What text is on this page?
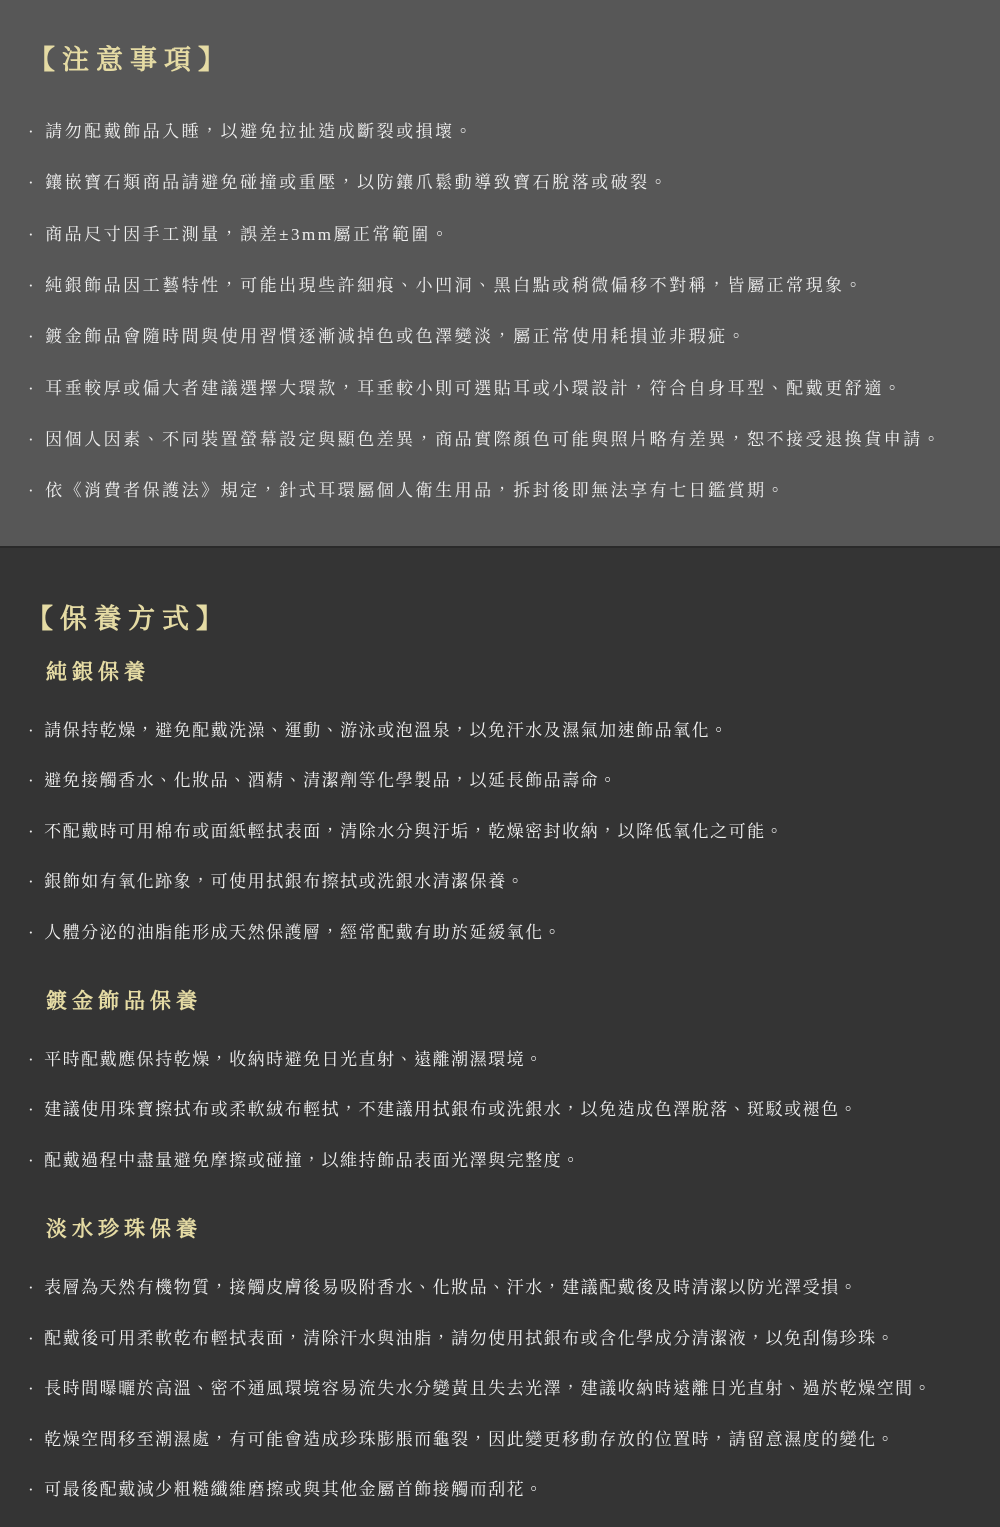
【注意事項】

· 請勿配戴飾品入睡，以避免拉扯造成斷裂或損壞。

· 鑲嵌寶石類商品請避免碰撞或重壓，以防鑲爪鬆動導致寶石脫落或破裂。

· 商品尺寸因手工測量，誤差±3mm屬正常範圍。

· 純銀飾品因工藝特性，可能出現些許細痕、小凹洞、黑白點或稍微偏移不對稱，皆屬正常現象。

· 鍍金飾品會隨時間與使用習慣逐漸減掉色或色澤變淡，屬正常使用耗損並非瑕疵。

· 耳垂較厚或偏大者建議選擇大環款，耳垂較小則可選貼耳或小環設計，符合自身耳型、配戴更舒適。

· 因個人因素、不同裝置螢幕設定與顯色差異，商品實際顏色可能與照片略有差異，恕不接受退換貨申請。

· 依《消費者保護法》規定，針式耳環屬個人衛生用品，拆封後即無法享有七日鑑賞期。

【保養方式】
純銀保養

· 請保持乾燥，避免配戴洗澡、運動、游泳或泡溫泉，以免汗水及濕氣加速飾品氧化。

· 避免接觸香水、化妝品、酒精、清潔劑等化學製品，以延長飾品壽命。

· 不配戴時可用棉布或面紙輕拭表面，清除水分與汙垢，乾燥密封收納，以降低氧化之可能。

· 銀飾如有氧化跡象，可使用拭銀布擦拭或洗銀水清潔保養。

· 人體分泌的油脂能形成天然保護層，經常配戴有助於延緩氧化。

鍍金飾品保養

· 平時配戴應保持乾燥，收納時避免日光直射、遠離潮濕環境。

· 建議使用珠寶擦拭布或柔軟絨布輕拭，不建議用拭銀布或洗銀水，以免造成色澤脫落、斑駁或褪色。

· 配戴過程中盡量避免摩擦或碰撞，以維持飾品表面光澤與完整度。

淡水珍珠保養

· 表層為天然有機物質，接觸皮膚後易吸附香水、化妝品、汗水，建議配戴後及時清潔以防光澤受損。

· 配戴後可用柔軟乾布輕拭表面，清除汗水與油脂，請勿使用拭銀布或含化學成分清潔液，以免刮傷珍珠。

· 長時間曝曬於高溫、密不通風環境容易流失水分變黃且失去光澤，建議收納時遠離日光直射、過於乾燥空間。

· 乾燥空間移至潮濕處，有可能會造成珍珠膨脹而龜裂，因此變更移動存放的位置時，請留意濕度的變化。

· 可最後配戴減少粗糙纖維磨擦或與其他金屬首飾接觸而刮花。
